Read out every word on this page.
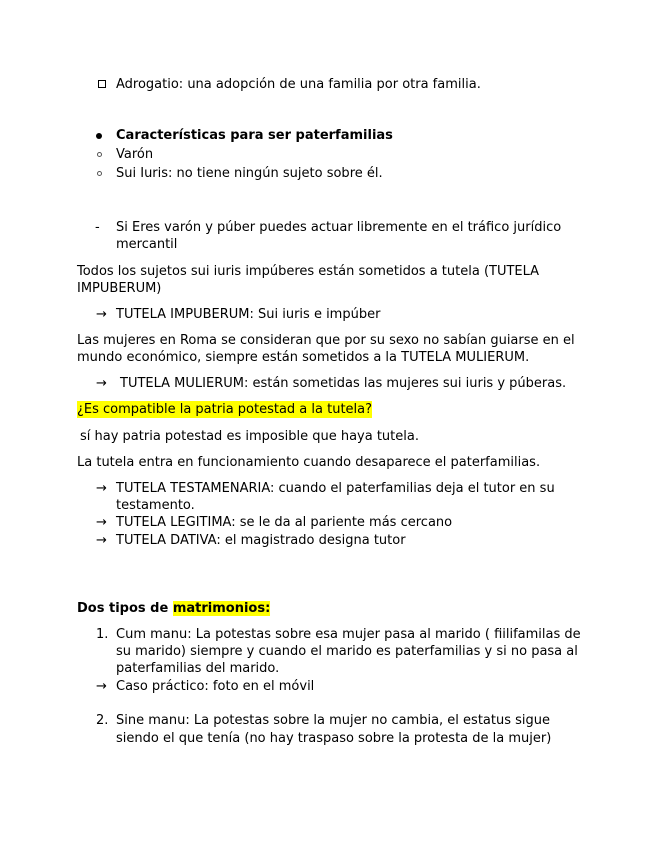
Adrogatio: una adopción de una familia por otra familia.
Características para ser paterfamilias
Varón
Sui Iuris: no tiene ningún sujeto sobre él.
- Si Eres varón y púber puedes actuar libremente en el tráfico jurídico
mercantil
Todos los sujetos sui iuris impúberes están sometidos a tutela (TUTELA
IMPUBERUM)
→ TUTELA IMPUBERUM: Sui iuris e impúber
Las mujeres en Roma se consideran que por su sexo no sabían guiarse en el
mundo económico, siempre están sometidos a la TUTELA MULIERUM.
→ TUTELA MULIERUM: están sometidas las mujeres sui iuris y púberas.
¿Es compatible la patria potestad a la tutela?
sí hay patria potestad es imposible que haya tutela.
La tutela entra en funcionamiento cuando desaparece el paterfamilias.
→ TUTELA TESTAMENARIA: cuando el paterfamilias deja el tutor en su
testamento.
→ TUTELA LEGITIMA: se le da al pariente más cercano
→ TUTELA DATIVA: el magistrado designa tutor
Dos tipos de matrimonios:
1. Cum manu: La potestas sobre esa mujer pasa al marido ( fiilifamilas de
su marido) siempre y cuando el marido es paterfamilias y si no pasa al
paterfamilias del marido.
→ Caso práctico: foto en el móvil
2. Sine manu: La potestas sobre la mujer no cambia, el estatus sigue
siendo el que tenía (no hay traspaso sobre la protesta de la mujer)
